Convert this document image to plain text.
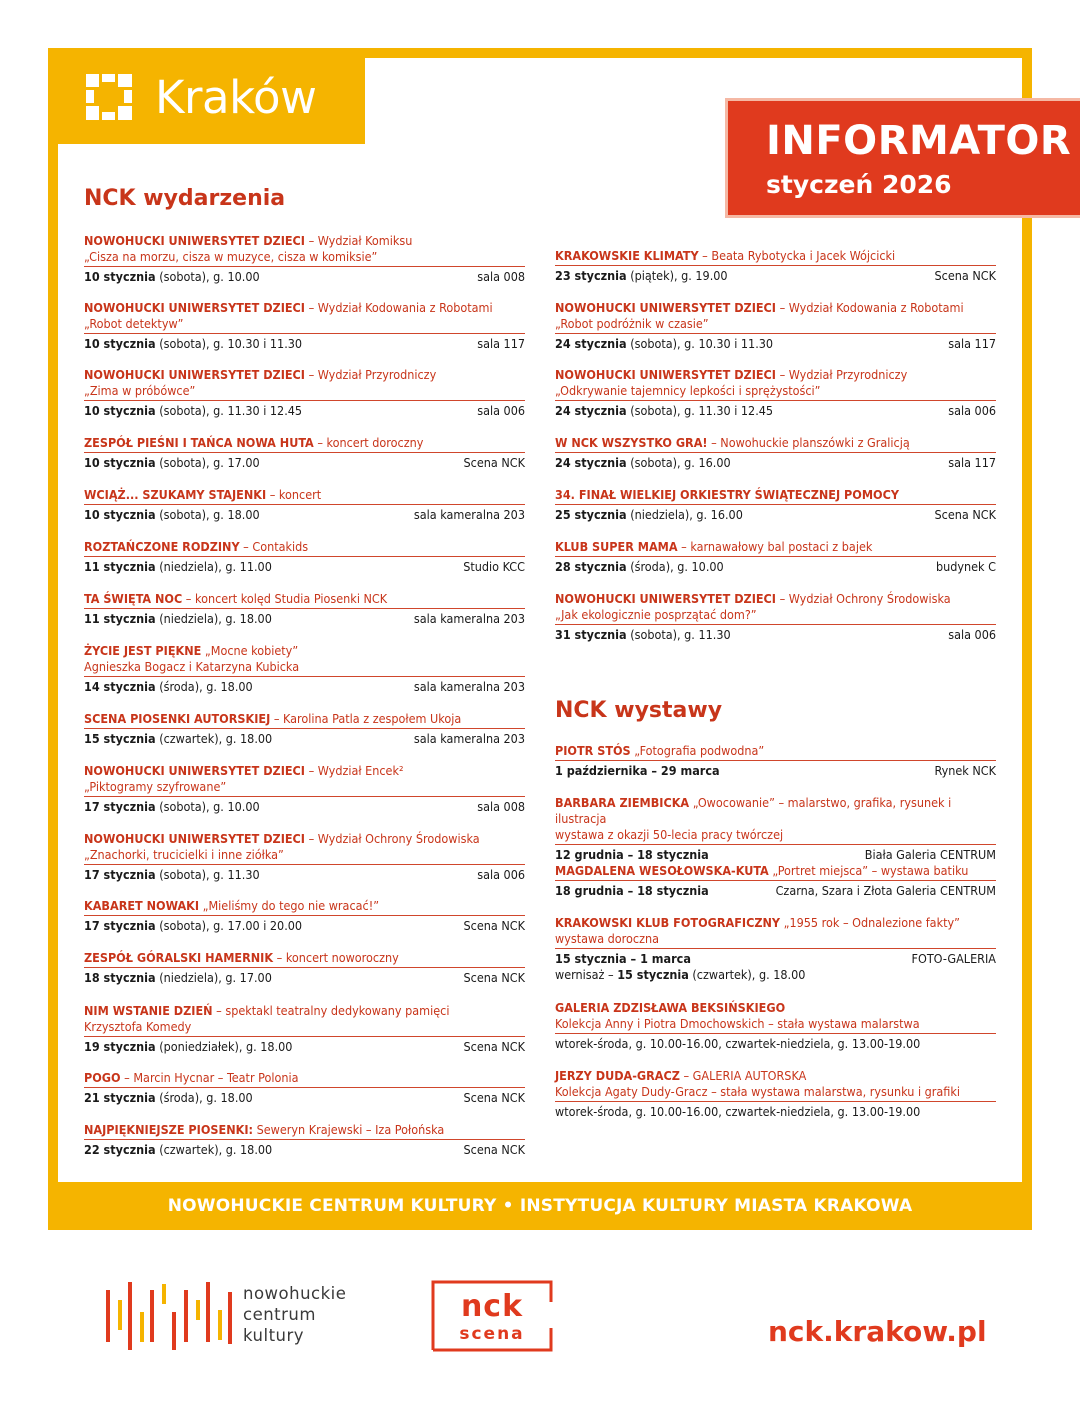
Kraków
INFORMATOR
styczeń 2026
NCK wydarzenia
NCK wystawy
NOWOHUCKI UNIWERSYTET DZIECI – Wydział Komiksu
„Cisza na morzu, cisza w muzyce, cisza w komiksie”
10 stycznia (sobota), g. 10.00	sala 008
NOWOHUCKI UNIWERSYTET DZIECI – Wydział Kodowania z Robotami
„Robot detektyw”
10 stycznia (sobota), g. 10.30 i 11.30	sala 117
NOWOHUCKI UNIWERSYTET DZIECI – Wydział Przyrodniczy
„Zima w próbówce”
10 stycznia (sobota), g. 11.30 i 12.45	sala 006
ZESPÓŁ PIEŚNI I TAŃCA NOWA HUTA – koncert doroczny
10 stycznia (sobota), g. 17.00	Scena NCK
WCIĄŻ... SZUKAMY STAJENKI – koncert
10 stycznia (sobota), g. 18.00	sala kameralna 203
ROZTAŃCZONE RODZINY – Contakids
11 stycznia (niedziela), g. 11.00	Studio KCC
TA ŚWIĘTA NOC – koncert kolęd Studia Piosenki NCK
11 stycznia (niedziela), g. 18.00	sala kameralna 203
ŻYCIE JEST PIĘKNE „Mocne kobiety”
Agnieszka Bogacz i Katarzyna Kubicka
14 stycznia (środa), g. 18.00	sala kameralna 203
SCENA PIOSENKI AUTORSKIEJ – Karolina Patla z zespołem Ukoja
15 stycznia (czwartek), g. 18.00	sala kameralna 203
NOWOHUCKI UNIWERSYTET DZIECI – Wydział Encek²
„Piktogramy szyfrowane”
17 stycznia (sobota), g. 10.00	sala 008
NOWOHUCKI UNIWERSYTET DZIECI – Wydział Ochrony Środowiska
„Znachorki, trucicielki i inne ziółka”
17 stycznia (sobota), g. 11.30	sala 006
KABARET NOWAKI „Mieliśmy do tego nie wracać!”
17 stycznia (sobota), g. 17.00 i 20.00	Scena NCK
ZESPÓŁ GÓRALSKI HAMERNIK – koncert noworoczny
18 stycznia (niedziela), g. 17.00	Scena NCK
NIM WSTANIE DZIEŃ – spektakl teatralny dedykowany pamięci
Krzysztofa Komedy
19 stycznia (poniedziałek), g. 18.00	Scena NCK
POGO – Marcin Hycnar – Teatr Polonia
21 stycznia (środa), g. 18.00	Scena NCK
NAJPIĘKNIEJSZE PIOSENKI: Seweryn Krajewski – Iza Połońska
22 stycznia (czwartek), g. 18.00	Scena NCK
KRAKOWSKIE KLIMATY – Beata Rybotycka i Jacek Wójcicki
23 stycznia (piątek), g. 19.00	Scena NCK
NOWOHUCKI UNIWERSYTET DZIECI – Wydział Kodowania z Robotami
„Robot podróżnik w czasie”
24 stycznia (sobota), g. 10.30 i 11.30	sala 117
NOWOHUCKI UNIWERSYTET DZIECI – Wydział Przyrodniczy
„Odkrywanie tajemnicy lepkości i sprężystości”
24 stycznia (sobota), g. 11.30 i 12.45	sala 006
W NCK WSZYSTKO GRA! – Nowohuckie planszówki z Gralicją
24 stycznia (sobota), g. 16.00	sala 117
34. FINAŁ WIELKIEJ ORKIESTRY ŚWIĄTECZNEJ POMOCY
25 stycznia (niedziela), g. 16.00	Scena NCK
KLUB SUPER MAMA – karnawałowy bal postaci z bajek
28 stycznia (środa), g. 10.00	budynek C
NOWOHUCKI UNIWERSYTET DZIECI – Wydział Ochrony Środowiska
„Jak ekologicznie posprzątać dom?”
31 stycznia (sobota), g. 11.30	sala 006
PIOTR STÓS „Fotografia podwodna”
1 października – 29 marca	Rynek NCK
BARBARA ZIEMBICKA „Owocowanie” – malarstwo, grafika, rysunek i ilustracja
wystawa z okazji 50-lecia pracy twórczej
12 grudnia – 18 stycznia	Biała Galeria CENTRUM
MAGDALENA WESOŁOWSKA-KUTA „Portret miejsca” – wystawa batiku
18 grudnia – 18 stycznia	Czarna, Szara i Złota Galeria CENTRUM
KRAKOWSKI KLUB FOTOGRAFICZNY „1955 rok – Odnalezione fakty”
wystawa doroczna
15 stycznia – 1 marca	FOTO-GALERIA
wernisaż – 15 stycznia (czwartek), g. 18.00
GALERIA ZDZISŁAWA BEKSIŃSKIEGO
Kolekcja Anny i Piotra Dmochowskich – stała wystawa malarstwa
wtorek-środa, g. 10.00-16.00, czwartek-niedziela, g. 13.00-19.00
JERZY DUDA-GRACZ – GALERIA AUTORSKA
Kolekcja Agaty Dudy-Gracz – stała wystawa malarstwa, rysunku i grafiki
wtorek-środa, g. 10.00-16.00, czwartek-niedziela, g. 13.00-19.00
NOWOHUCKIE CENTRUM KULTURY • INSTYTUCJA KULTURY MIASTA KRAKOWA
nowohuckie
centrum
kultury
nck
scena	nck.krakow.pl
